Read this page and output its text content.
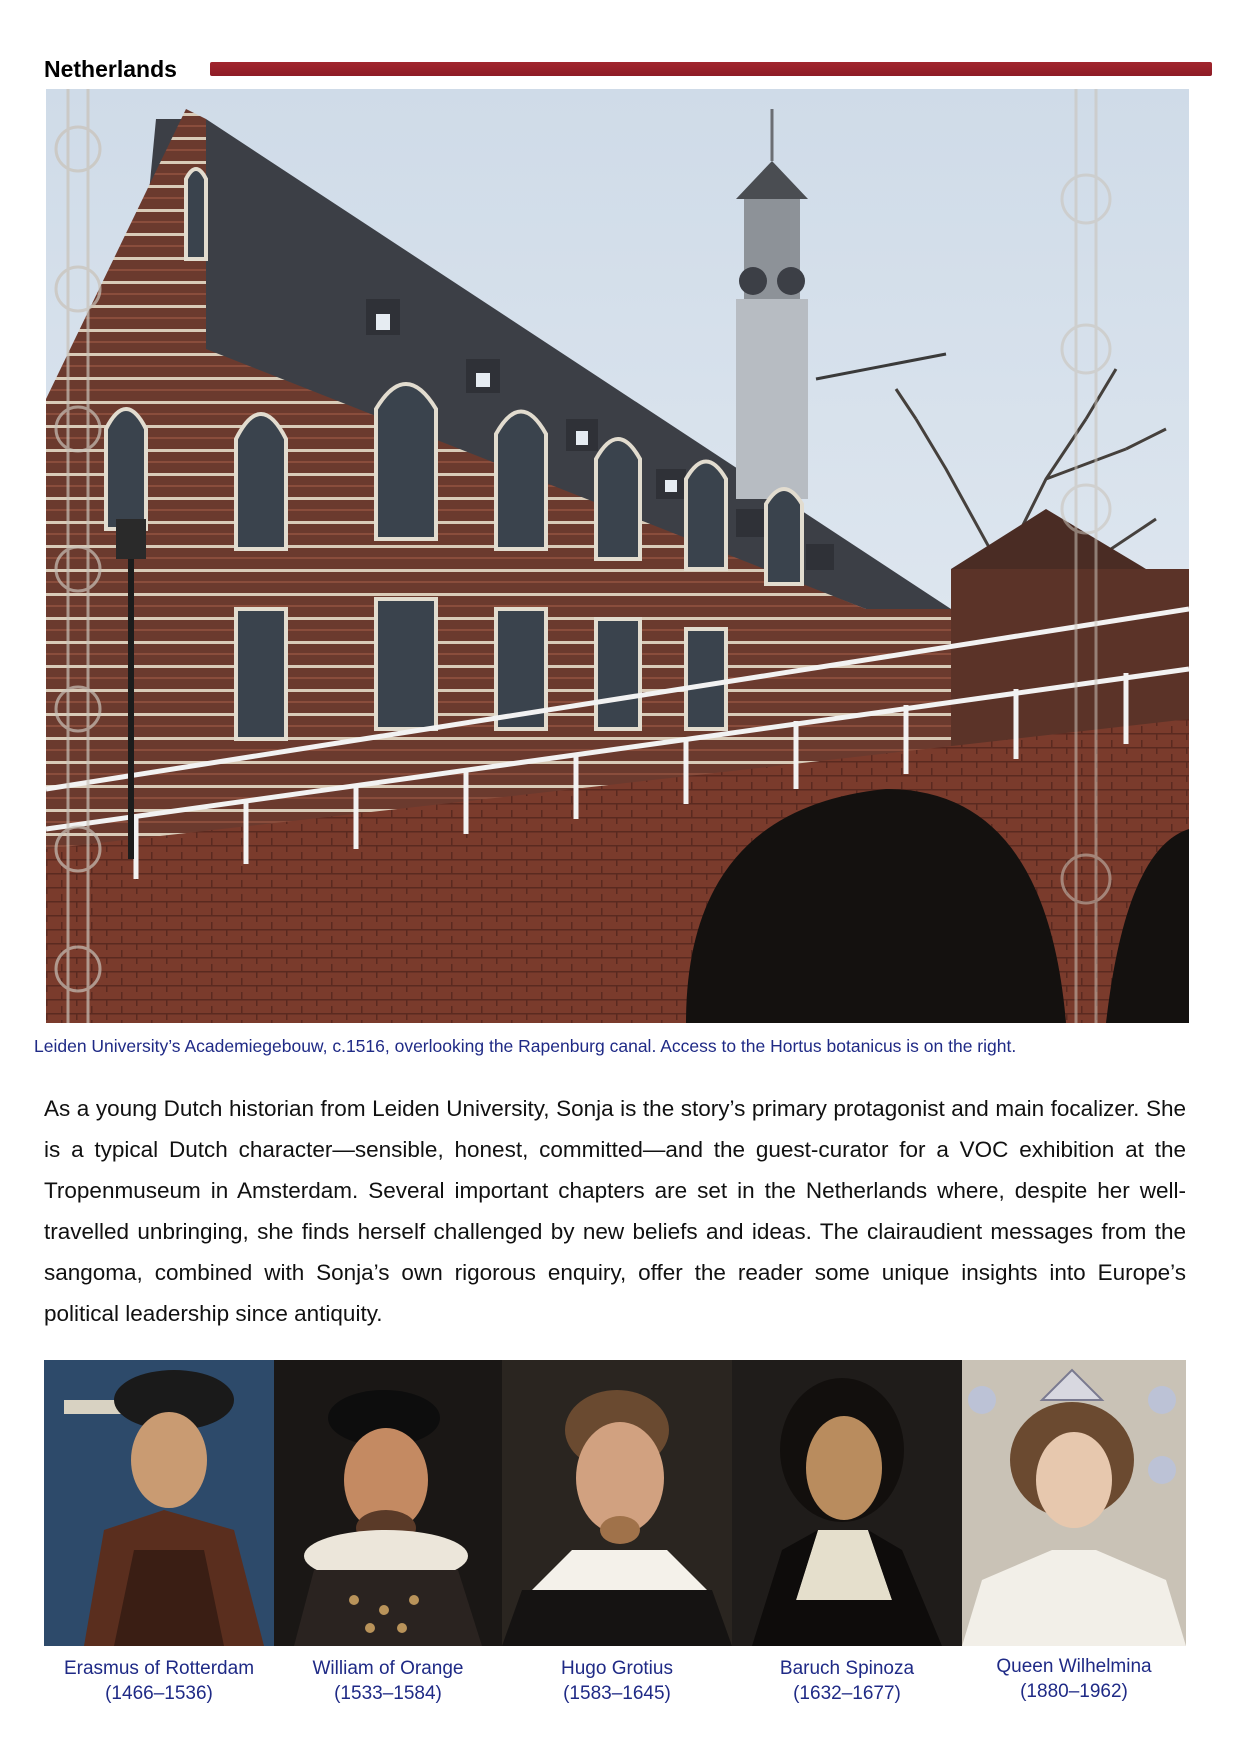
Netherlands
Leiden University’s Academiegebouw, c.1516, overlooking the Rapenburg canal. Access to the Hortus botanicus is on the right.

As a young Dutch historian from Leiden University, Sonja is the story’s primary protagonist and main focalizer. She is a typical Dutch character—sensible, honest, committed—and the guest-curator for a VOC exhibition at the Tropenmuseum in Amsterdam. Several important chapters are set in the Netherlands where, despite her well-travelled unbringing, she finds herself challenged by new beliefs and ideas. The clairaudient messages from the sangoma, combined with Sonja’s own rigorous enquiry, offer the reader some unique insights into Europe’s political leadership since antiquity.

Erasmus of Rotterdam
(1466–1536)
William of Orange
(1533–1584)
Hugo Grotius
(1583–1645)
Baruch Spinoza
(1632–1677)
Queen Wilhelmina
(1880–1962)
